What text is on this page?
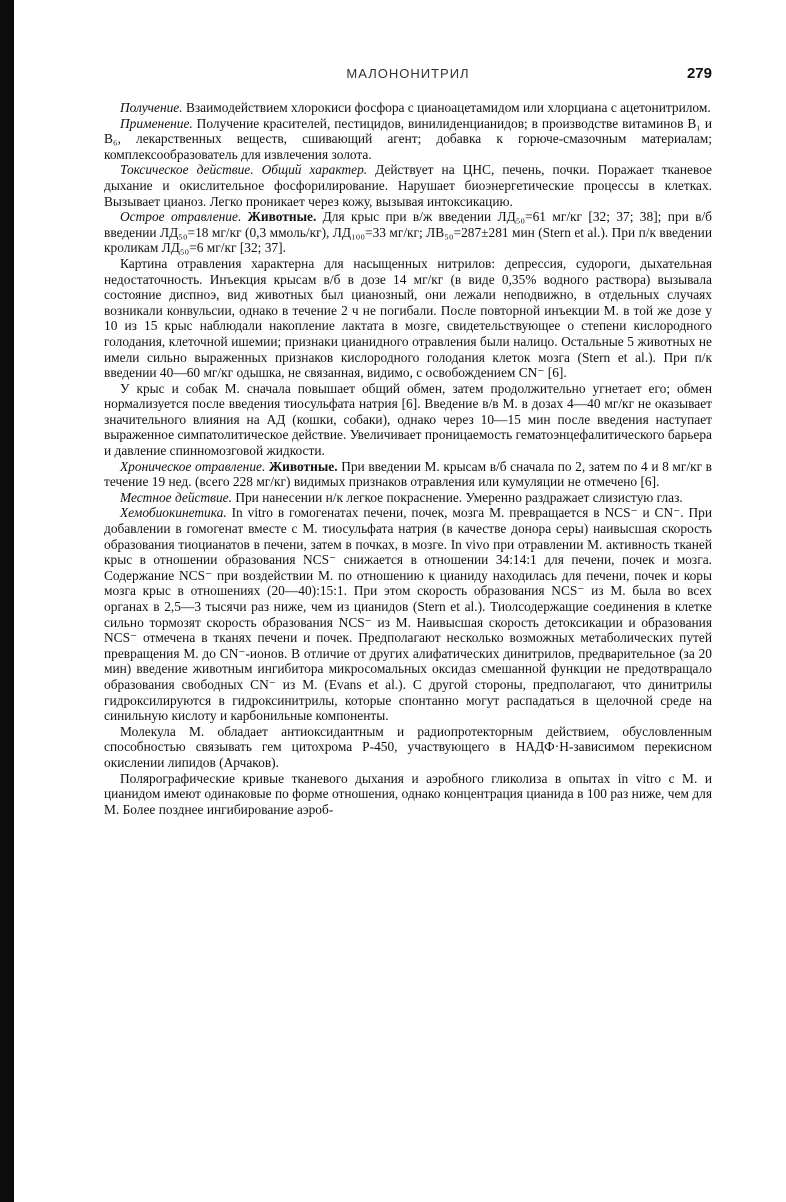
МАЛОНОНИТРИЛ	279

Получение. Взаимодействием хлорокиси фосфора с цианоацетамидом или хлорциана с ацетонитрилом.

Применение. Получение красителей, пестицидов, винилиденцианидов; в производстве витаминов B₁ и B₆, лекарственных веществ, сшивающий агент; добавка к горюче-смазочным материалам; комплексообразователь для извлечения золота.

Токсическое действие. Общий характер. Действует на ЦНС, печень, почки. Поражает тканевое дыхание и окислительное фосфорилирование. Нарушает биоэнергетические процессы в клетках. Вызывает цианоз. Легко проникает через кожу, вызывая интоксикацию.

Острое отравление. Животные. Для крыс при в/ж введении ЛД₅₀=61 мг/кг [32; 37; 38]; при в/б введении ЛД₅₀=18 мг/кг (0,3 ммоль/кг), ЛД₁₀₀=33 мг/кг; ЛВ₅₀=287±281 мин (Stern et al.). При п/к введении кроликам ЛД₅₀=6 мг/кг [32; 37].

Картина отравления характерна для насыщенных нитрилов: депрессия, судороги, дыхательная недостаточность. Инъекция крысам в/б в дозе 14 мг/кг (в виде 0,35% водного раствора) вызывала состояние диспноэ, вид животных был цианозный, они лежали неподвижно, в отдельных случаях возникали конвульсии, однако в течение 2 ч не погибали. После повторной инъекции М. в той же дозе у 10 из 15 крыс наблюдали накопление лактата в мозге, свидетельствующее о степени кислородного голодания, клеточной ишемии; признаки цианидного отравления были налицо. Остальные 5 животных не имели сильно выраженных признаков кислородного голодания клеток мозга (Stern et al.). При п/к введении 40—60 мг/кг одышка, не связанная, видимо, с освобождением CN⁻ [6].

У крыс и собак М. сначала повышает общий обмен, затем продолжительно угнетает его; обмен нормализуется после введения тиосульфата натрия [6]. Введение в/в М. в дозах 4—40 мг/кг не оказывает значительного влияния на АД (кошки, собаки), однако через 10—15 мин после введения наступает выраженное симпатолитическое действие. Увеличивает проницаемость гематоэнцефалитического барьера и давление спинномозговой жидкости.

Хроническое отравление. Животные. При введении М. крысам в/б сначала по 2, затем по 4 и 8 мг/кг в течение 19 нед. (всего 228 мг/кг) видимых признаков отравления или кумуляции не отмечено [6].

Местное действие. При нанесении н/к легкое покраснение. Умеренно раздражает слизистую глаз.

Хемобиокинетика. In vitro в гомогенатах печени, почек, мозга М. превращается в NCS⁻ и CN⁻. При добавлении в гомогенат вместе с М. тиосульфата натрия (в качестве донора серы) наивысшая скорость образования тиоцианатов в печени, затем в почках, в мозге. In vivo при отравлении М. активность тканей крыс в отношении образования NCS⁻ снижается в отношении 34:14:1 для печени, почек и мозга. Содержание NCS⁻ при воздействии М. по отношению к цианиду находилась для печени, почек и коры мозга крыс в отношениях (20—40):15:1. При этом скорость образования NCS⁻ из М. была во всех органах в 2,5—3 тысячи раз ниже, чем из цианидов (Stern et al.). Тиолсодержащие соединения в клетке сильно тормозят скорость образования NCS⁻ из М. Наивысшая скорость детоксикации и образования NCS⁻ отмечена в тканях печени и почек. Предполагают несколько возможных метаболических путей превращения М. до CN⁻-ионов. В отличие от других алифатических динитрилов, предварительное (за 20 мин) введение животным ингибитора микросомальных оксидаз смешанной функции не предотвращало образования свободных CN⁻ из М. (Evans et al.). С другой стороны, предполагают, что динитрилы гидроксилируются в гидроксинитрилы, которые спонтанно могут распадаться в щелочной среде на синильную кислоту и карбонильные компоненты.

Молекула М. обладает антиоксидантным и радиопротекторным действием, обусловленным способностью связывать гем цитохрома Р-450, участвующего в НАДФ·Н-зависимом перекисном окислении липидов (Арчаков).

Полярографические кривые тканевого дыхания и аэробного гликолиза в опытах in vitro с М. и цианидом имеют одинаковые по форме отношения, однако концентрация цианида в 100 раз ниже, чем для М. Более позднее ингибирование аэроб-
